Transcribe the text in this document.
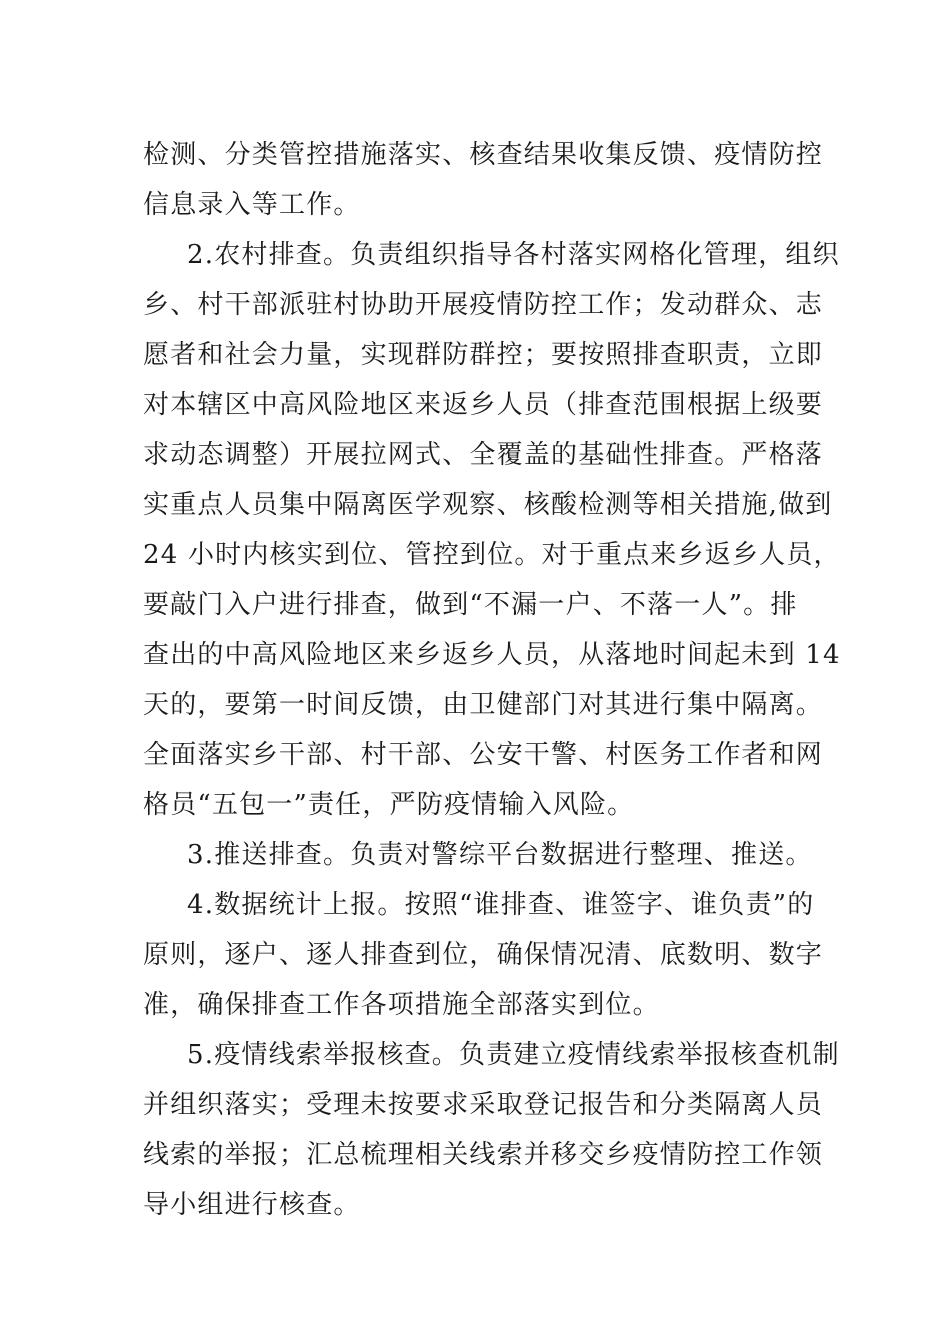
检测、分类管控措施落实、核查结果收集反馈、疫情防控
信息录入等工作。
2.农村排查。负责组织指导各村落实网格化管理，组织
乡、村干部派驻村协助开展疫情防控工作；发动群众、志
愿者和社会力量，实现群防群控；要按照排查职责，立即
对本辖区中高风险地区来返乡人员（排查范围根据上级要
求动态调整）开展拉网式、全覆盖的基础性排查。严格落
实重点人员集中隔离医学观察、核酸检测等相关措施,做到
24 小时内核实到位、管控到位。对于重点来乡返乡人员，
要敲门入户进行排查，做到“不漏一户、不落一人”。排
查出的中高风险地区来乡返乡人员，从落地时间起未到 14
天的，要第一时间反馈，由卫健部门对其进行集中隔离。
全面落实乡干部、村干部、公安干警、村医务工作者和网
格员“五包一”责任，严防疫情输入风险。
3.推送排查。负责对警综平台数据进行整理、推送。
4.数据统计上报。按照“谁排查、谁签字、谁负责”的
原则，逐户、逐人排查到位，确保情况清、底数明、数字
准，确保排查工作各项措施全部落实到位。
5.疫情线索举报核查。负责建立疫情线索举报核查机制
并组织落实；受理未按要求采取登记报告和分类隔离人员
线索的举报；汇总梳理相关线索并移交乡疫情防控工作领
导小组进行核查。
